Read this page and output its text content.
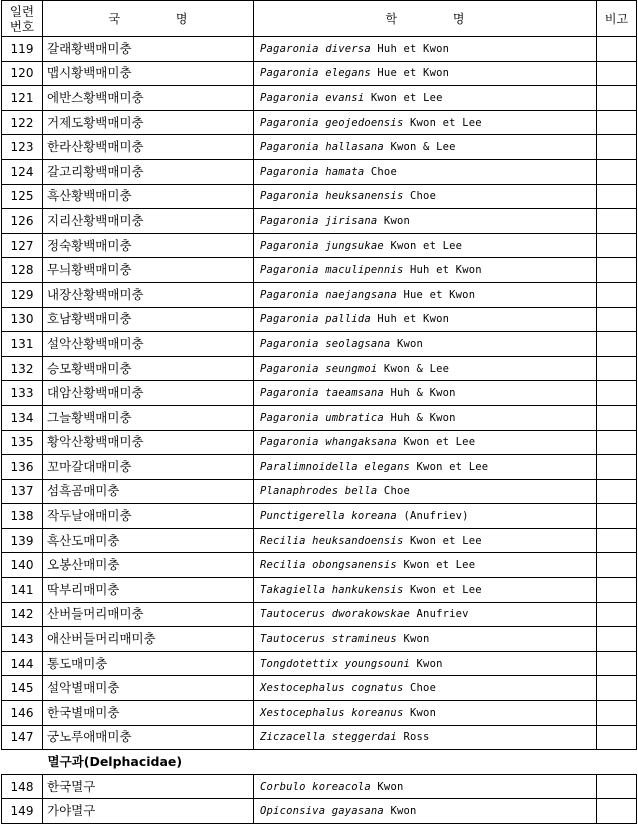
일련
번호	국 명	학 명	비고
119	갈래황백매미충	Pagaronia diversa Huh et Kwon	
120	맵시황백매미충	Pagaronia elegans Hue et Kwon	
121	에반스황백매미충	Pagaronia evansi Kwon et Lee	
122	거제도황백매미충	Pagaronia geojedoensis Kwon et Lee	
123	한라산황백매미충	Pagaronia hallasana Kwon & Lee	
124	갈고리황백매미충	Pagaronia hamata Choe	
125	흑산황백매미충	Pagaronia heuksanensis Choe	
126	지리산황백매미충	Pagaronia jirisana Kwon	
127	정숙황백매미충	Pagaronia jungsukae Kwon et Lee	
128	무늬황백매미충	Pagaronia maculipennis Huh et Kwon	
129	내장산황백매미충	Pagaronia naejangsana Hue et Kwon	
130	호남황백매미충	Pagaronia pallida Huh et Kwon	
131	설악산황백매미충	Pagaronia seolagsana Kwon	
132	승모황백매미충	Pagaronia seungmoi Kwon & Lee	
133	대암산황백매미충	Pagaronia taeamsana Huh & Kwon	
134	그늘황백매미충	Pagaronia umbratica Huh & Kwon	
135	황악산황백매미충	Pagaronia whangaksana Kwon et Lee	
136	꼬마갈대매미충	Paralimnoidella elegans Kwon et Lee	
137	섬흑곰매미충	Planaphrodes bella Choe	
138	작두날애매미충	Punctigerella koreana (Anufriev)	
139	흑산도매미충	Recilia heuksandoensis Kwon et Lee	
140	오봉산매미충	Recilia obongsanensis Kwon et Lee	
141	딱부리매미충	Takagiella hankukensis Kwon et Lee	
142	산버들머리매미충	Tautocerus dworakowskae Anufriev	
143	애산버들머리매미충	Tautocerus stramineus Kwon	
144	통도매미충	Tongdotettix youngsouni Kwon	
145	설악별매미충	Xestocephalus cognatus Choe	
146	한국별매미충	Xestocephalus koreanus Kwon	
147	궁노루애매미충	Ziczacella steggerdai Ross	
멸구과(Delphacidae)			
148	한국멸구	Corbulo koreacola Kwon	
149	가야멸구	Opiconsiva gayasana Kwon	
